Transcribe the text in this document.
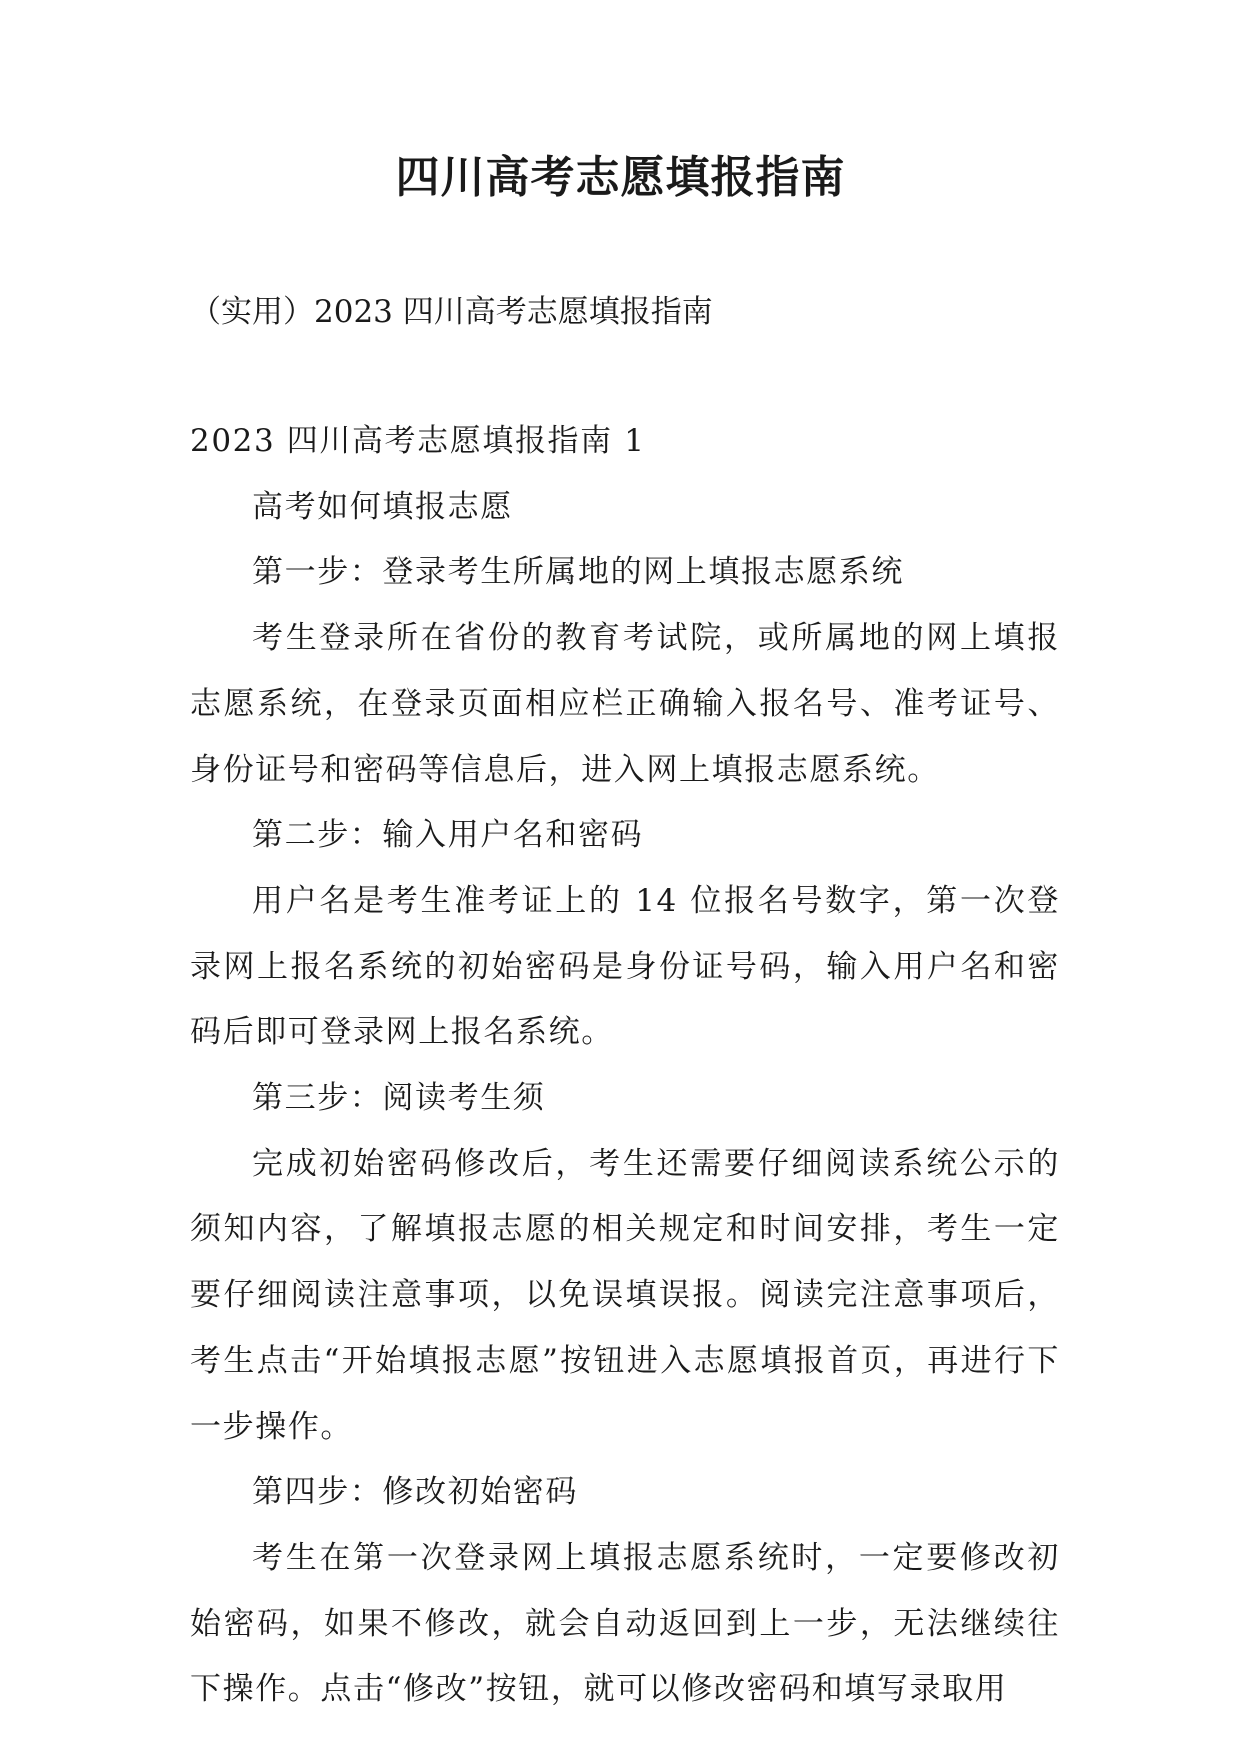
四川高考志愿填报指南

（实用）2023 四川高考志愿填报指南

2023 四川高考志愿填报指南 1

高考如何填报志愿

第一步：登录考生所属地的网上填报志愿系统

考生登录所在省份的教育考试院，或所属地的网上填报志愿系统，在登录页面相应栏正确输入报名号、准考证号、身份证号和密码等信息后，进入网上填报志愿系统。

第二步：输入用户名和密码

用户名是考生准考证上的 14 位报名号数字，第一次登录网上报名系统的初始密码是身份证号码，输入用户名和密码后即可登录网上报名系统。

第三步：阅读考生须

完成初始密码修改后，考生还需要仔细阅读系统公示的须知内容，了解填报志愿的相关规定和时间安排，考生一定要仔细阅读注意事项，以免误填误报。阅读完注意事项后，考生点击“开始填报志愿”按钮进入志愿填报首页，再进行下一步操作。

第四步：修改初始密码

考生在第一次登录网上填报志愿系统时，一定要修改初始密码，如果不修改，就会自动返回到上一步，无法继续往下操作。点击“修改”按钮，就可以修改密码和填写录取用
